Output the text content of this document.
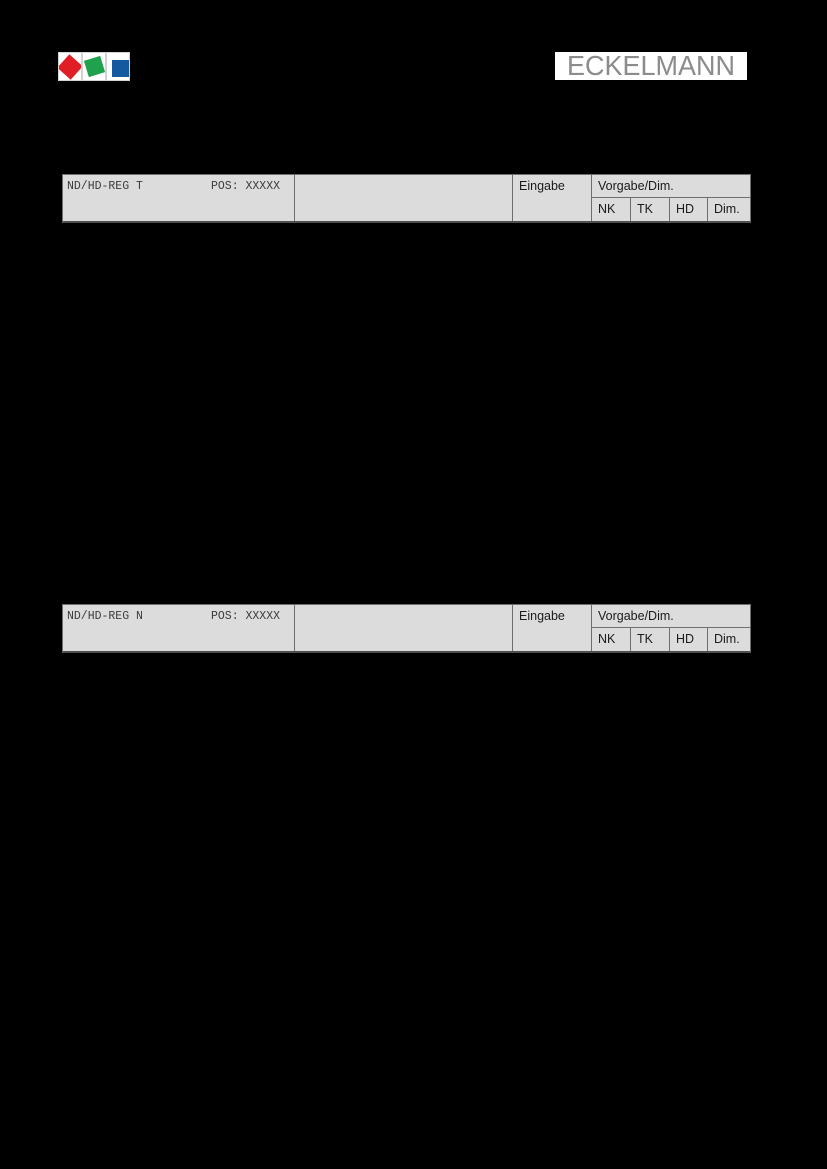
ECKELMANN
ND/HD-REG T	POS: XXXXX	Eingabe	Vorgabe/Dim.
NK	TK	HD	Dim.
ND/HD-REG N	POS: XXXXX	Eingabe	Vorgabe/Dim.
NK	TK	HD	Dim.
